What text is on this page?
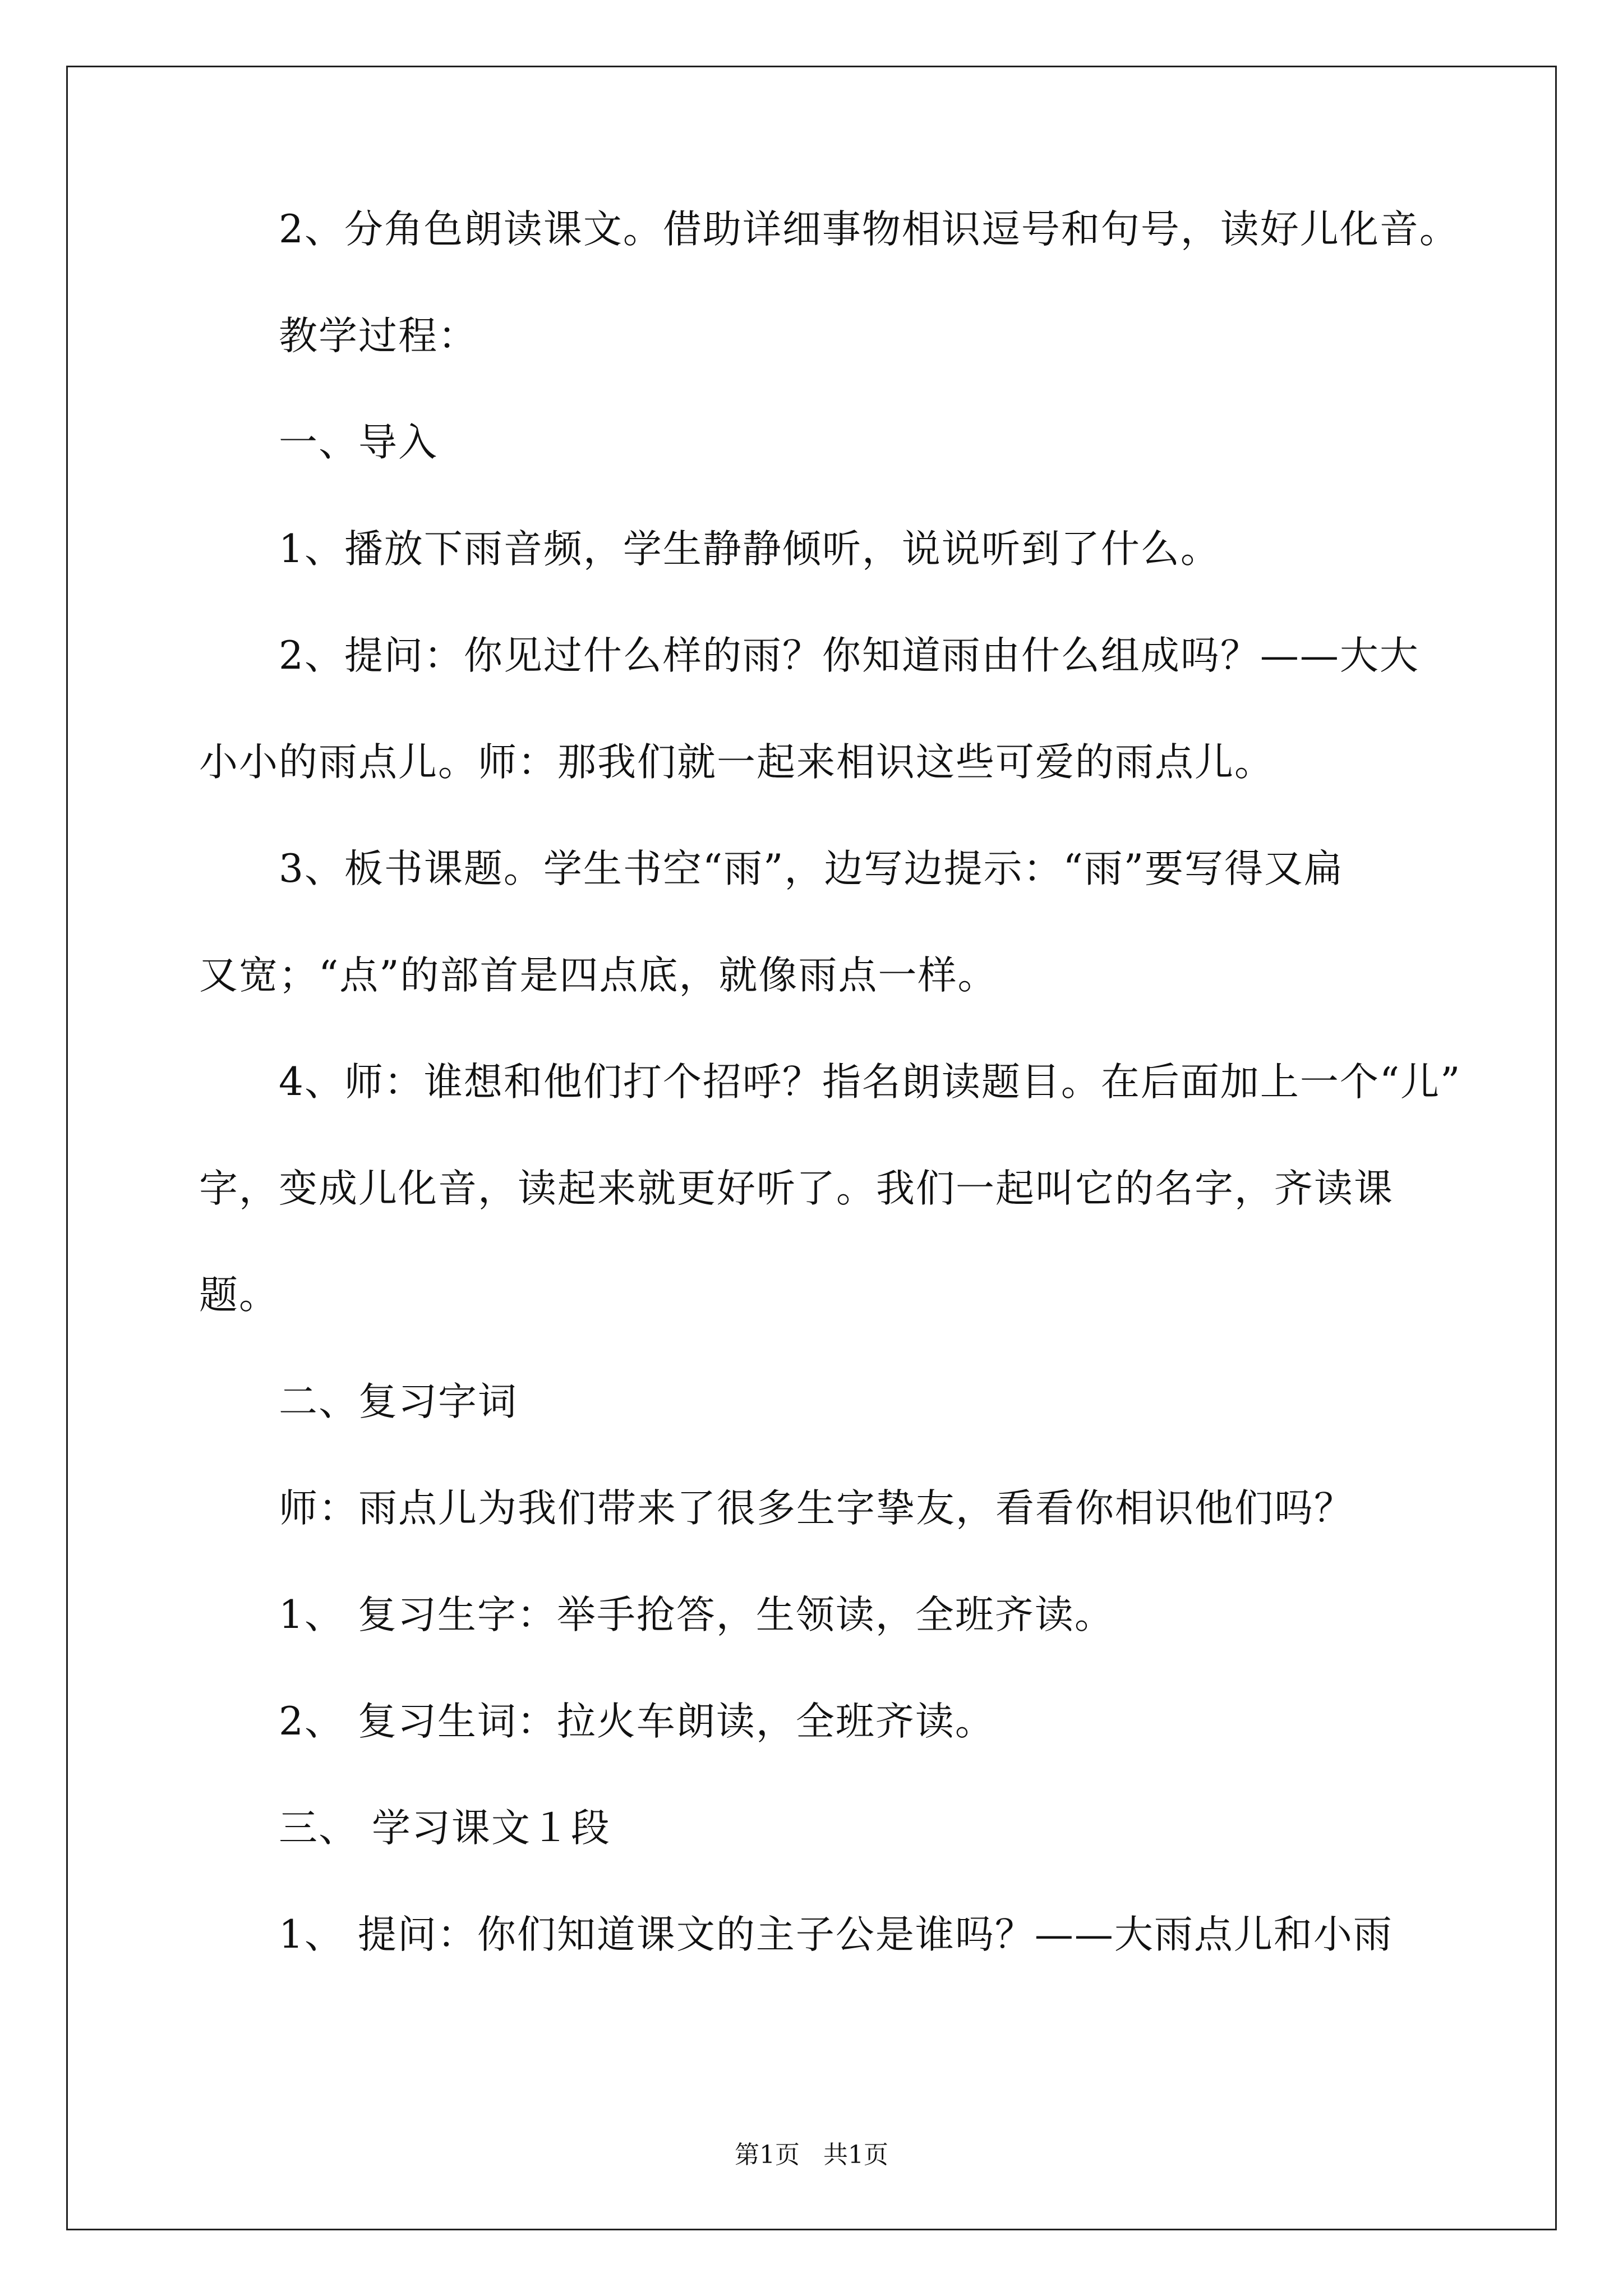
2、分角色朗读课文。借助详细事物相识逗号和句号，读好儿化音。
教学过程：
一、导入
1、播放下雨音频，学生静静倾听，说说听到了什么。
2、提问：你见过什么样的雨？你知道雨由什么组成吗？——大大
小小的雨点儿。师：那我们就一起来相识这些可爱的雨点儿。
3、板书课题。学生书空“雨”，边写边提示：“雨”要写得又扁
又宽；“点”的部首是四点底，就像雨点一样。
4、师：谁想和他们打个招呼？指名朗读题目。在后面加上一个“儿”
字，变成儿化音，读起来就更好听了。我们一起叫它的名字，齐读课
题。
二、复习字词
师：雨点儿为我们带来了很多生字挚友，看看你相识他们吗？
1、 复习生字：举手抢答，生领读，全班齐读。
2、 复习生词：拉火车朗读，全班齐读。
三、 学习课文１段
1、 提问：你们知道课文的主子公是谁吗？——大雨点儿和小雨
第1页   共1页
